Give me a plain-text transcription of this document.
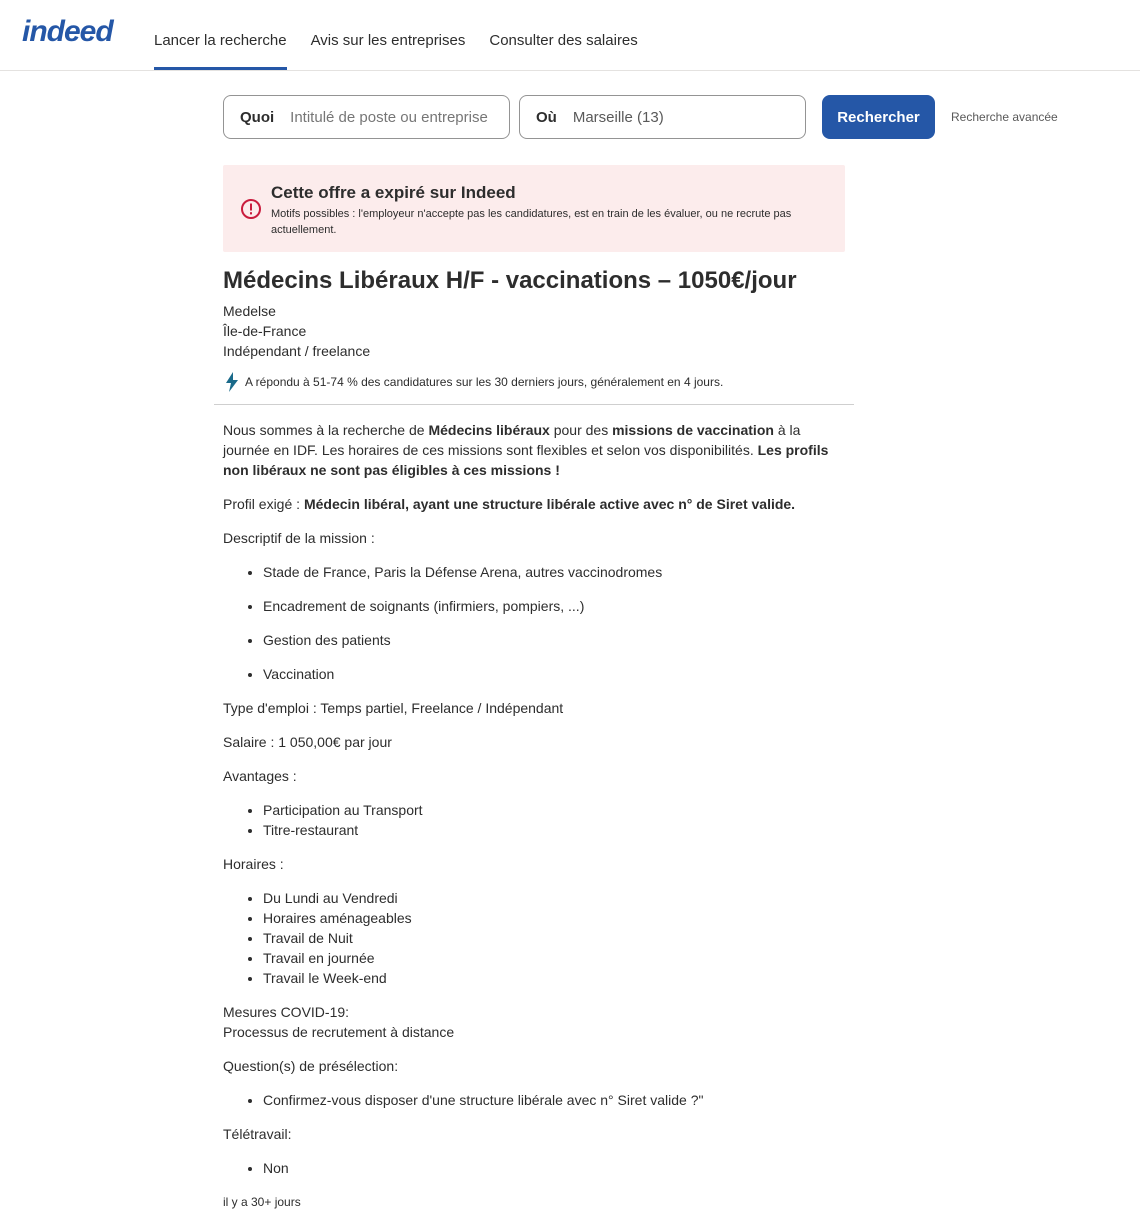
indeed	Lancer la recherche Avis sur les entreprises Consulter des salaires
Quoi
Intitulé de poste ou entreprise	Où
Marseille (13)	Rechercher	Recherche avancée
Cette offre a expiré sur Indeed

Motifs possibles : l'employeur n'accepte pas les candidatures, est en train de les évaluer, ou ne recrute pas actuellement.

Médecins Libéraux H/F - vaccinations – 1050€/jour
Medelse
Île-de-France
Indépendant / freelance
A répondu à 51-74 % des candidatures sur les 30 derniers jours, généralement en 4 jours.

Nous sommes à la recherche de Médecins libéraux pour des missions de vaccination à la journée en IDF. Les horaires de ces missions sont flexibles et selon vos disponibilités. Les profils non libéraux ne sont pas éligibles à ces missions !

Profil exigé : Médecin libéral, ayant une structure libérale active avec n° de Siret valide.

Descriptif de la mission :

• Stade de France, Paris la Défense Arena, autres vaccinodromes
• Encadrement de soignants (infirmiers, pompiers, ...)
• Gestion des patients
• Vaccination

Type d'emploi : Temps partiel, Freelance / Indépendant

Salaire : 1 050,00€ par jour

Avantages :

• Participation au Transport
• Titre-restaurant

Horaires :

• Du Lundi au Vendredi
• Horaires aménageables
• Travail de Nuit
• Travail en journée
• Travail le Week-end

Mesures COVID-19:
Processus de recrutement à distance

Question(s) de présélection:

• Confirmez-vous disposer d'une structure libérale avec n° Siret valide ?"

Télétravail:

• Non
il y a 30+ jours
